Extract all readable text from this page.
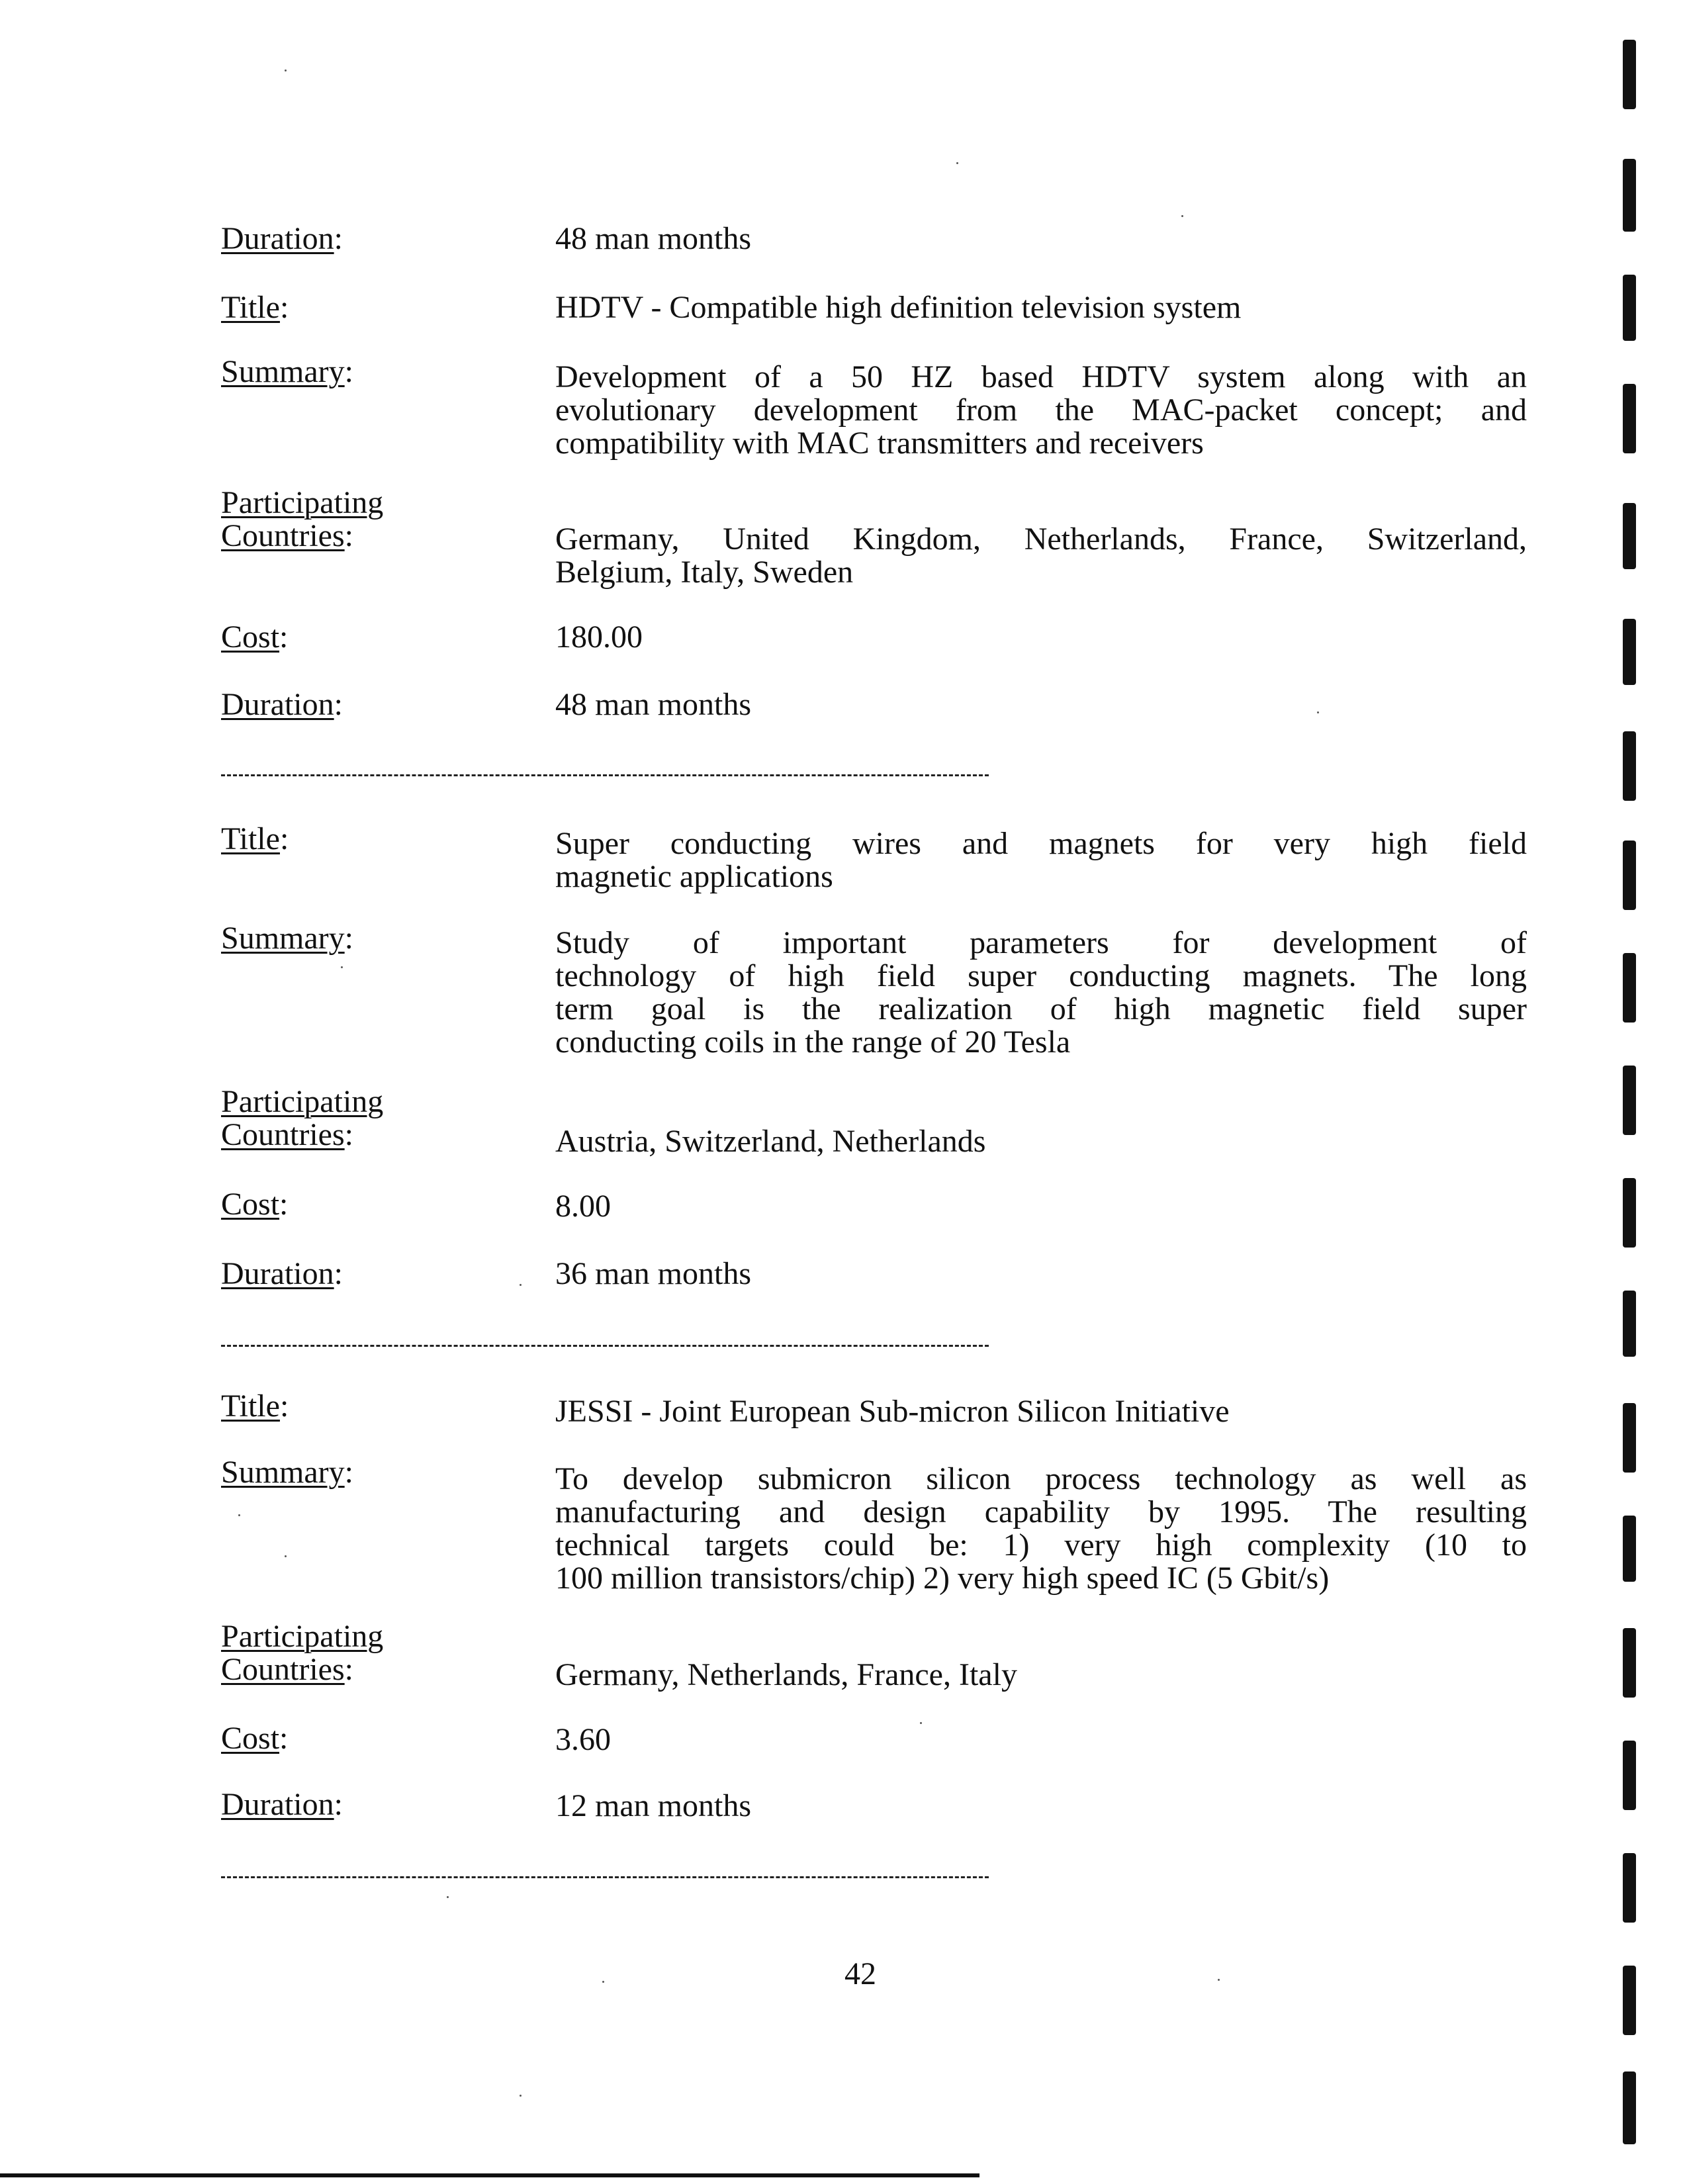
Duration:	48 man months
Title:	HDTV - Compatible high definition television system
Summary:	Development of a 50 HZ based HDTV system along with an
evolutionary development from the MAC-packet concept; and
compatibility with MAC transmitters and receivers
Participating
Countries:	Germany, United Kingdom, Netherlands, France, Switzerland,
Belgium, Italy, Sweden
Cost:	180.00
Duration:	48 man months
Title:	Super conducting wires and magnets for very high field
magnetic applications
Summary:	Study of important parameters for development of
technology of high field super conducting magnets. The long
term goal is the realization of high magnetic field super
conducting coils in the range of 20 Tesla
Participating
Countries:	Austria, Switzerland, Netherlands
Cost:	8.00
Duration:	36 man months
Title:	JESSI - Joint European Sub-micron Silicon Initiative
Summary:	To develop submicron silicon process technology as well as
manufacturing and design capability by 1995. The resulting
technical targets could be: 1) very high complexity (10 to
100 million transistors/chip) 2) very high speed IC (5 Gbit/s)
Participating
Countries:	Germany, Netherlands, France, Italy
Cost:	3.60
Duration:	12 man months
42
